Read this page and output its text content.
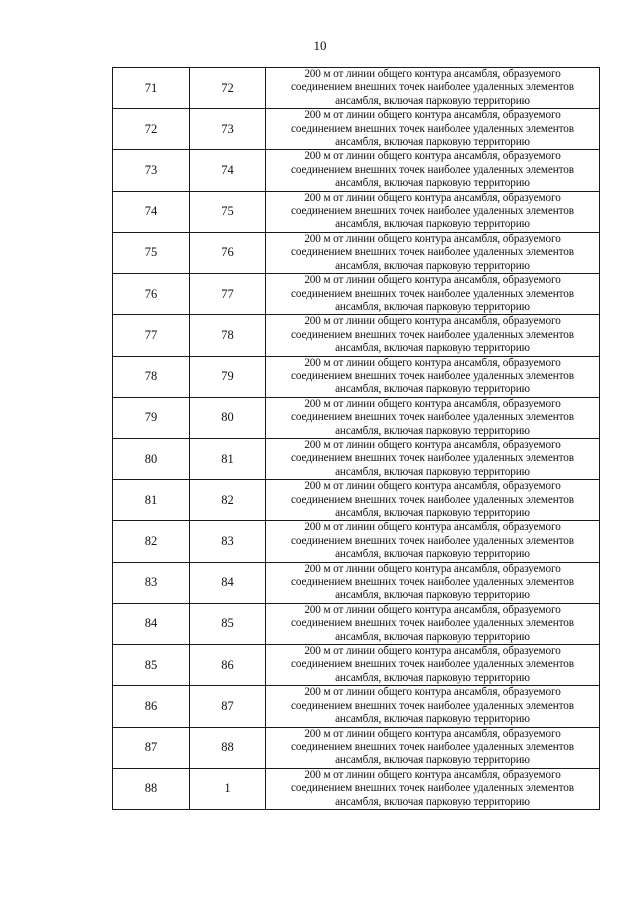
10
71	72	200 м от линии общего контура ансамбля, образуемого
соединением внешних точек наиболее удаленных элементов
ансамбля, включая парковую территорию

72	73	200 м от линии общего контура ансамбля, образуемого
соединением внешних точек наиболее удаленных элементов
ансамбля, включая парковую территорию

73	74	200 м от линии общего контура ансамбля, образуемого
соединением внешних точек наиболее удаленных элементов
ансамбля, включая парковую территорию

74	75	200 м от линии общего контура ансамбля, образуемого
соединением внешних точек наиболее удаленных элементов
ансамбля, включая парковую территорию

75	76	200 м от линии общего контура ансамбля, образуемого
соединением внешних точек наиболее удаленных элементов
ансамбля, включая парковую территорию

76	77	200 м от линии общего контура ансамбля, образуемого
соединением внешних точек наиболее удаленных элементов
ансамбля, включая парковую территорию

77	78	200 м от линии общего контура ансамбля, образуемого
соединением внешних точек наиболее удаленных элементов
ансамбля, включая парковую территорию

78	79	200 м от линии общего контура ансамбля, образуемого
соединением внешних точек наиболее удаленных элементов
ансамбля, включая парковую территорию

79	80	200 м от линии общего контура ансамбля, образуемого
соединением внешних точек наиболее удаленных элементов
ансамбля, включая парковую территорию

80	81	200 м от линии общего контура ансамбля, образуемого
соединением внешних точек наиболее удаленных элементов
ансамбля, включая парковую территорию

81	82	200 м от линии общего контура ансамбля, образуемого
соединением внешних точек наиболее удаленных элементов
ансамбля, включая парковую территорию

82	83	200 м от линии общего контура ансамбля, образуемого
соединением внешних точек наиболее удаленных элементов
ансамбля, включая парковую территорию

83	84	200 м от линии общего контура ансамбля, образуемого
соединением внешних точек наиболее удаленных элементов
ансамбля, включая парковую территорию

84	85	200 м от линии общего контура ансамбля, образуемого
соединением внешних точек наиболее удаленных элементов
ансамбля, включая парковую территорию

85	86	200 м от линии общего контура ансамбля, образуемого
соединением внешних точек наиболее удаленных элементов
ансамбля, включая парковую территорию

86	87	200 м от линии общего контура ансамбля, образуемого
соединением внешних точек наиболее удаленных элементов
ансамбля, включая парковую территорию

87	88	200 м от линии общего контура ансамбля, образуемого
соединением внешних точек наиболее удаленных элементов
ансамбля, включая парковую территорию

88	1	200 м от линии общего контура ансамбля, образуемого
соединением внешних точек наиболее удаленных элементов
ансамбля, включая парковую территорию
